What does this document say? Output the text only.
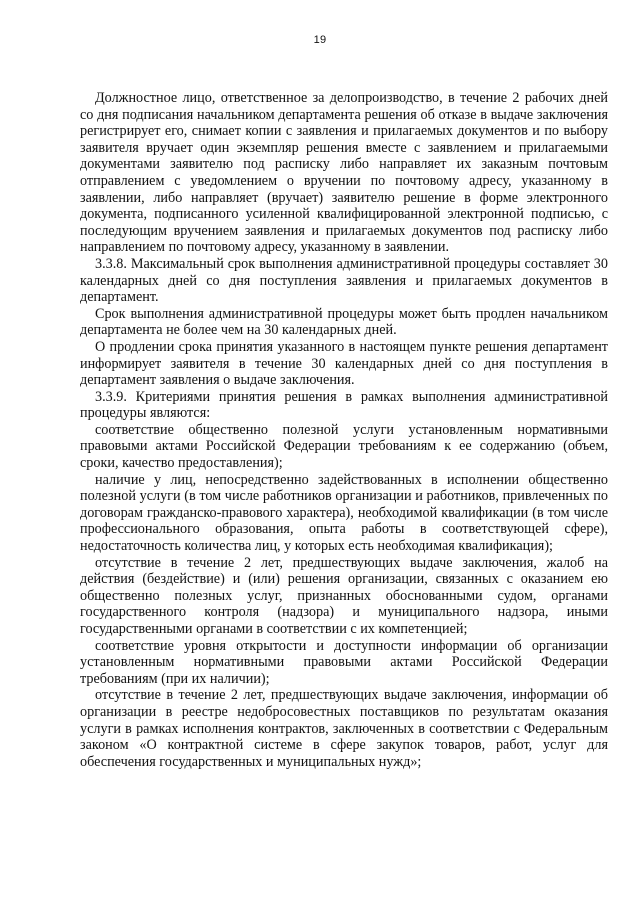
19

Должностное лицо, ответственное за делопроизводство, в течение 2 рабочих дней со дня подписания начальником департамента решения об отказе в выдаче заключения регистрирует его, снимает копии с заявления и прилагаемых документов и по выбору заявителя вручает один экземпляр решения вместе с заявлением и прилагаемыми документами заявителю под расписку либо направляет их заказным почтовым отправлением с уведомлением о вручении по почтовому адресу, указанному в заявлении, либо направляет (вручает) заявителю решение в форме электронного документа, подписанного усиленной квалифицированной электронной подписью, с последующим вручением заявления и прилагаемых документов под расписку либо направлением по почтовому адресу, указанному в заявлении.

3.3.8. Максимальный срок выполнения административной процедуры составляет 30 календарных дней со дня поступления заявления и прилагаемых документов в департамент.

Срок выполнения административной процедуры может быть продлен начальником департамента не более чем на 30 календарных дней.

О продлении срока принятия указанного в настоящем пункте решения департамент информирует заявителя в течение 30 календарных дней со дня поступления в департамент заявления о выдаче заключения.

3.3.9. Критериями принятия решения в рамках выполнения административной процедуры являются:

соответствие общественно полезной услуги установленным нормативными правовыми актами Российской Федерации требованиям к ее содержанию (объем, сроки, качество предоставления);

наличие у лиц, непосредственно задействованных в исполнении общественно полезной услуги (в том числе работников организации и работников, привлеченных по договорам гражданско-правового характера), необходимой квалификации (в том числе профессионального образования, опыта работы в соответствующей сфере), недостаточность количества лиц, у которых есть необходимая квалификация);

отсутствие в течение 2 лет, предшествующих выдаче заключения, жалоб на действия (бездействие) и (или) решения организации, связанных с оказанием ею общественно полезных услуг, признанных обоснованными судом, органами государственного контроля (надзора) и муниципального надзора, иными государственными органами в соответствии с их компетенцией;

соответствие уровня открытости и доступности информации об организации установленным нормативными правовыми актами Российской Федерации требованиям (при их наличии);

отсутствие в течение 2 лет, предшествующих выдаче заключения, информации об организации в реестре недобросовестных поставщиков по результатам оказания услуги в рамках исполнения контрактов, заключенных в соответствии с Федеральным законом «О контрактной системе в сфере закупок товаров, работ, услуг для обеспечения государственных и муниципальных нужд»;
